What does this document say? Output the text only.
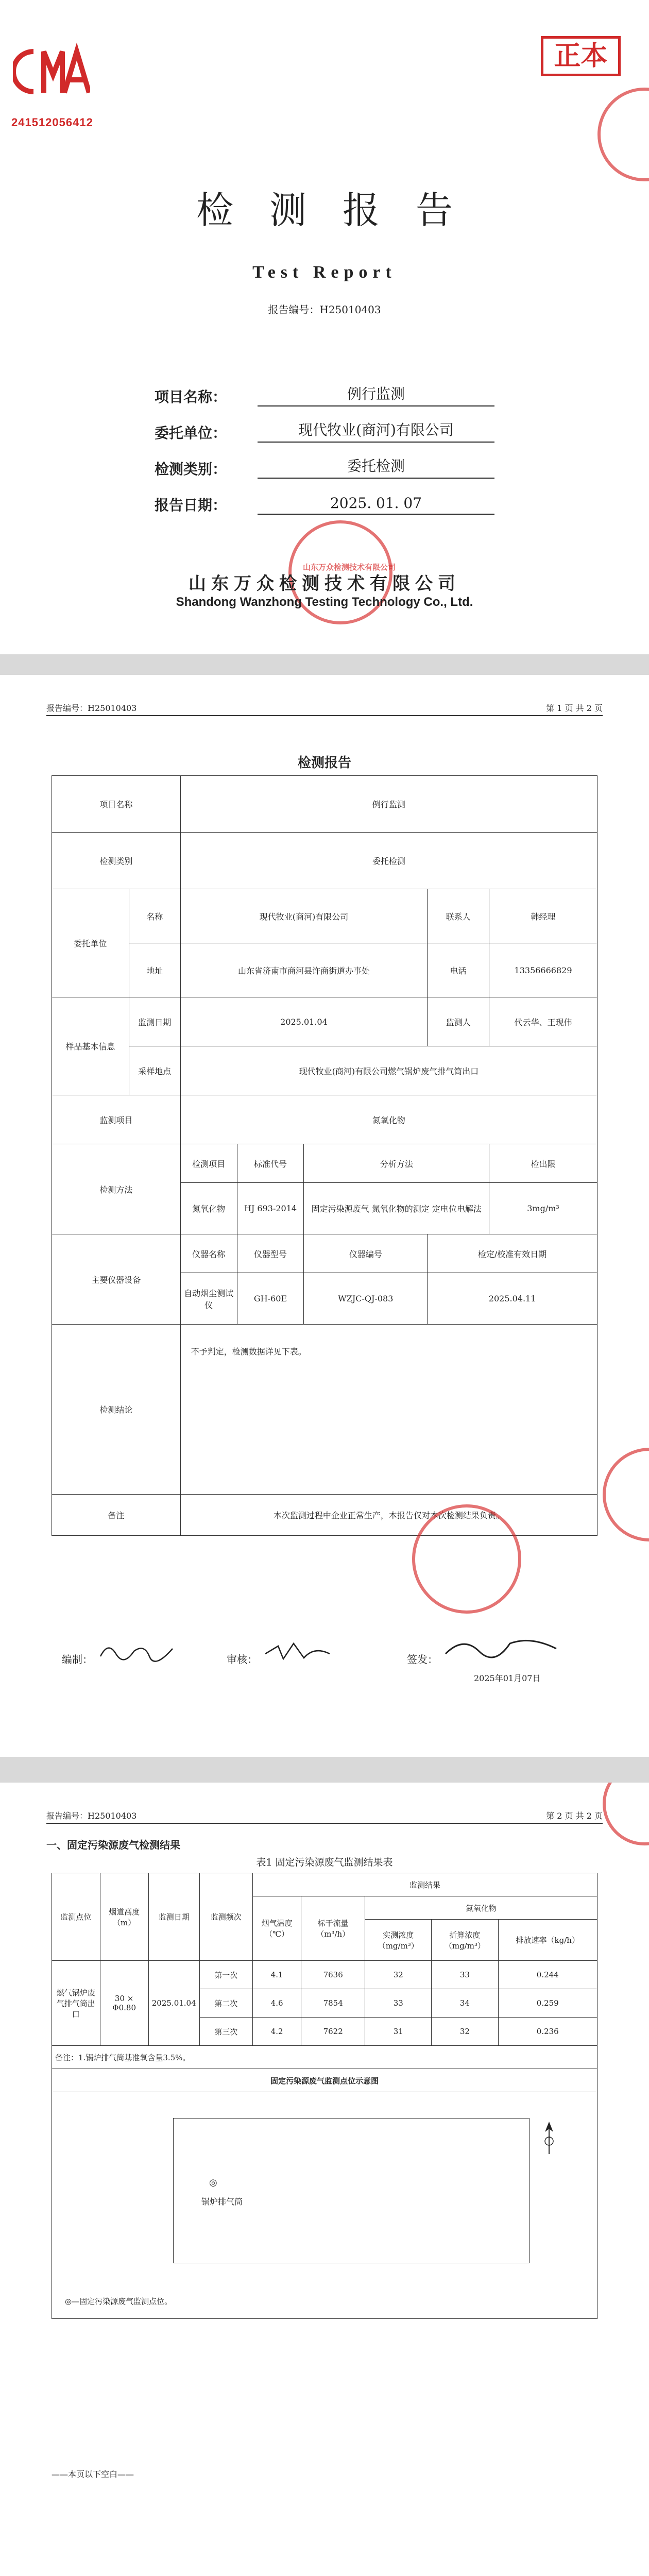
241512056412
正本
检测报告
Test Report
报告编号：H25010403
项目名称：	例行监测
委托单位：	现代牧业(商河)有限公司
检测类别：	委托检测
报告日期：	2025. 01. 07
山东万众检测技术有限公司
山东万众检测技术有限公司
Shandong Wanzhong Testing Technology Co., Ltd.
报告编号：H25010403	第 1 页 共 2 页
检测报告
项目名称		例行监测				
检测类别		委托检测				
委托单位	名称	现代牧业(商河)有限公司			联系人	韩经理
	地址	山东省济南市商河县许商街道办事处			电话	13356666829
样品基本信息	监测日期	2025.01.04			监测人	代云华、王现伟
	采样地点	现代牧业(商河)有限公司燃气锅炉废气排气筒出口				
监测项目		氮氧化物				
检测方法		检测项目	标准代号	分析方法		检出限
		氮氧化物	HJ 693-2014	固定污染源废气 氮氧化物的测定 定电位电解法		3mg/m³
主要仪器设备		仪器名称	仪器型号	仪器编号	检定/校准有效日期	
		自动烟尘测试仪	GH-60E	WZJC-QJ-083	2025.04.11	
检测结论		不予判定，检测数据详见下表。				
备注		本次监测过程中企业正常生产，本报告仅对本次检测结果负责。				
编制：	审核：	签发：
2025年01月07日
报告编号：H25010403	第 2 页 共 2 页
一、固定污染源废气检测结果
表1 固定污染源废气监测结果表
监测点位	烟道高度（m）	监测日期	监测频次	监测结果				
				烟气温度（℃）	标干流量（m³/h）	氮氧化物		
						实测浓度（mg/m³）	折算浓度（mg/m³）	排放速率（kg/h）
燃气锅炉废气排气筒出口	30 × Φ0.80	2025.01.04	第一次	4.1	7636	32	33	0.244
			第二次	4.6	7854	33	34	0.259
			第三次	4.2	7622	31	32	0.236
备注：1.锅炉排气筒基准氧含量3.5%。								
固定污染源废气监测点位示意图								

◎
锅炉排气筒
◎—固定污染源废气监测点位。								
——本页以下空白——
